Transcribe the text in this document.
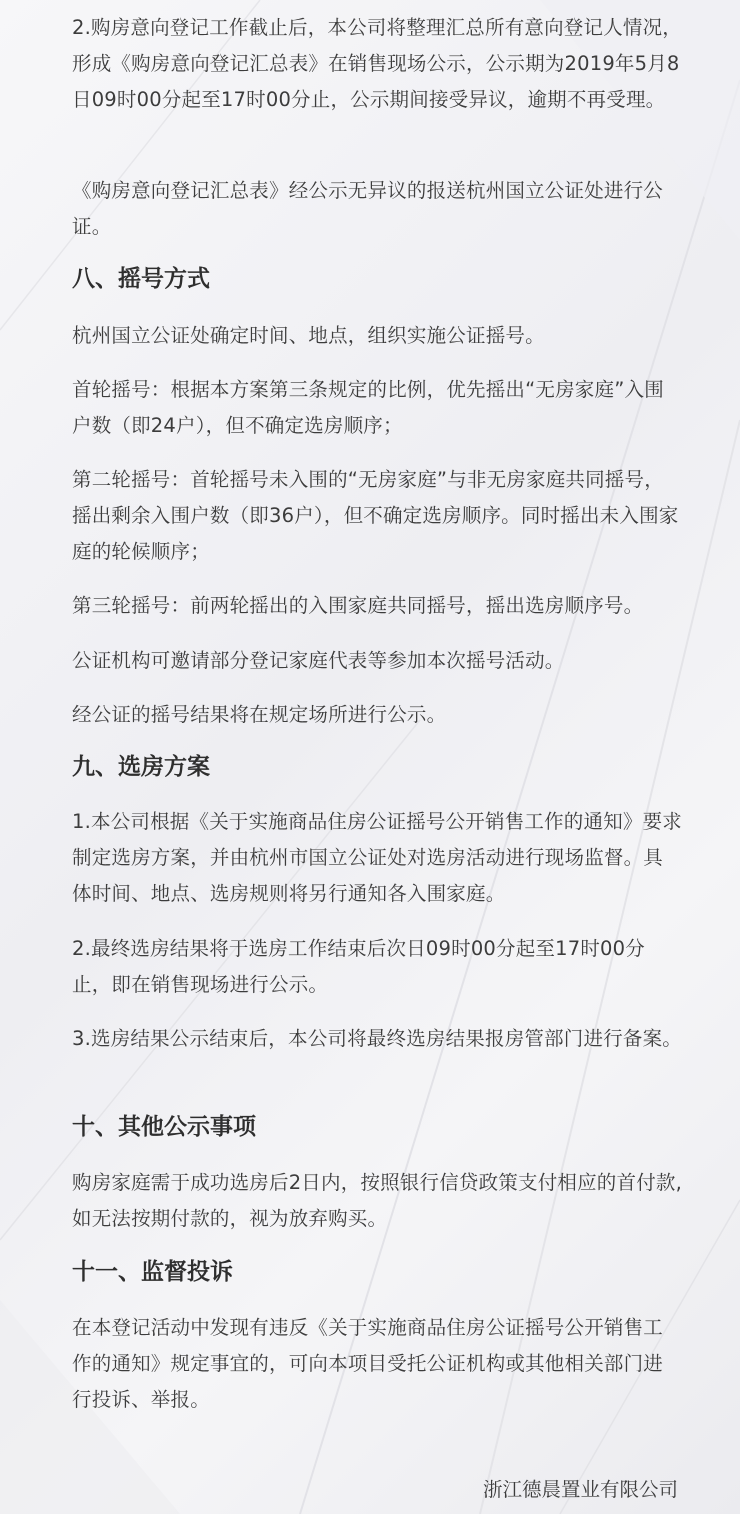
2.购房意向登记工作截止后，本公司将整理汇总所有意向登记人情况，形成《购房意向登记汇总表》在销售现场公示，公示期为2019年5月8日09时00分起至17时00分止，公示期间接受异议，逾期不再受理。

《购房意向登记汇总表》经公示无异议的报送杭州国立公证处进行公证。

八、摇号方式

杭州国立公证处确定时间、地点，组织实施公证摇号。

首轮摇号：根据本方案第三条规定的比例，优先摇出“无房家庭”入围户数（即24户），但不确定选房顺序；

第二轮摇号：首轮摇号未入围的“无房家庭”与非无房家庭共同摇号，摇出剩余入围户数（即36户），但不确定选房顺序。同时摇出未入围家庭的轮候顺序；

第三轮摇号：前两轮摇出的入围家庭共同摇号，摇出选房顺序号。

公证机构可邀请部分登记家庭代表等参加本次摇号活动。

经公证的摇号结果将在规定场所进行公示。

九、选房方案

1.本公司根据《关于实施商品住房公证摇号公开销售工作的通知》要求制定选房方案，并由杭州市国立公证处对选房活动进行现场监督。具体时间、地点、选房规则将另行通知各入围家庭。

2.最终选房结果将于选房工作结束后次日09时00分起至17时00分止，即在销售现场进行公示。

3.选房结果公示结束后，本公司将最终选房结果报房管部门进行备案。

十、其他公示事项

购房家庭需于成功选房后2日内，按照银行信贷政策支付相应的首付款,如无法按期付款的，视为放弃购买。

十一、监督投诉

在本登记活动中发现有违反《关于实施商品住房公证摇号公开销售工作的通知》规定事宜的，可向本项目受托公证机构或其他相关部门进行投诉、举报。

浙江德晨置业有限公司
